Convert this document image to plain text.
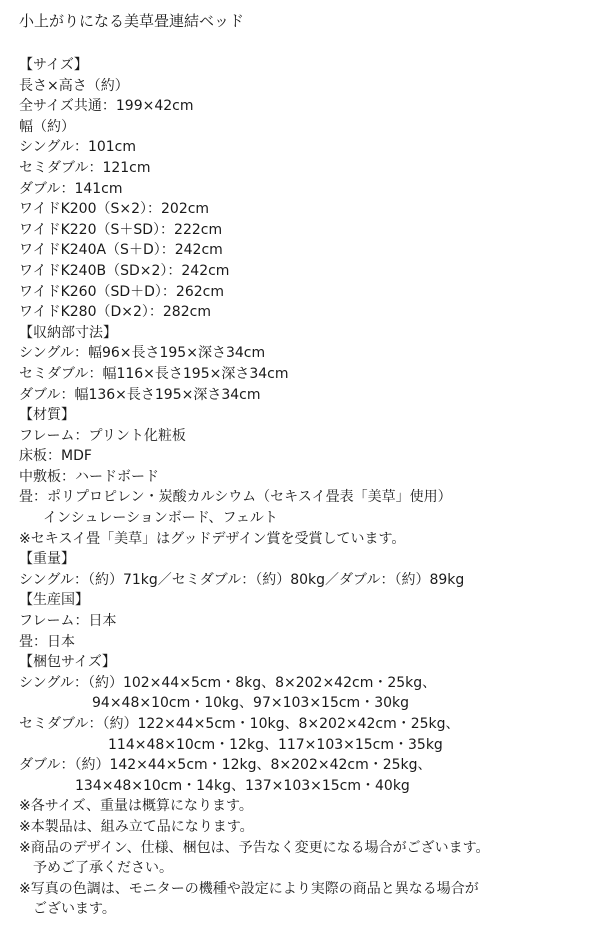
小上がりになる美草畳連結ベッド
【サイズ】
長さ×高さ（約）
全サイズ共通：199×42cm
幅（約）
シングル：101cm
セミダブル：121cm
ダブル：141cm
ワイドK200（S×2）：202cm
ワイドK220（S＋SD）：222cm
ワイドK240A（S＋D）：242cm
ワイドK240B（SD×2）：242cm
ワイドK260（SD＋D）：262cm
ワイドK280（D×2）：282cm
【収納部寸法】
シングル：幅96×長さ195×深さ34cm
セミダブル：幅116×長さ195×深さ34cm
ダブル：幅136×長さ195×深さ34cm
【材質】
フレーム：プリント化粧板
床板：MDF
中敷板：ハードボード
畳：ポリプロピレン・炭酸カルシウム（セキスイ畳表「美草」使用）
インシュレーションボード、フェルト
※セキスイ畳「美草」はグッドデザイン賞を受賞しています。
【重量】
シングル：（約）71kg／セミダブル：（約）80kg／ダブル：（約）89kg
【生産国】
フレーム：日本
畳：日本
【梱包サイズ】
シングル：（約）102×44×5cm・8kg、8×202×42cm・25kg、
94×48×10cm・10kg、97×103×15cm・30kg
セミダブル：（約）122×44×5cm・10kg、8×202×42cm・25kg、
114×48×10cm・12kg、117×103×15cm・35kg
ダブル：（約）142×44×5cm・12kg、8×202×42cm・25kg、
134×48×10cm・14kg、137×103×15cm・40kg
※各サイズ、重量は概算になります。
※本製品は、組み立て品になります。
※商品のデザイン、仕様、梱包は、予告なく変更になる場合がございます。
予めご了承ください。
※写真の色調は、モニターの機種や設定により実際の商品と異なる場合が
ございます。
